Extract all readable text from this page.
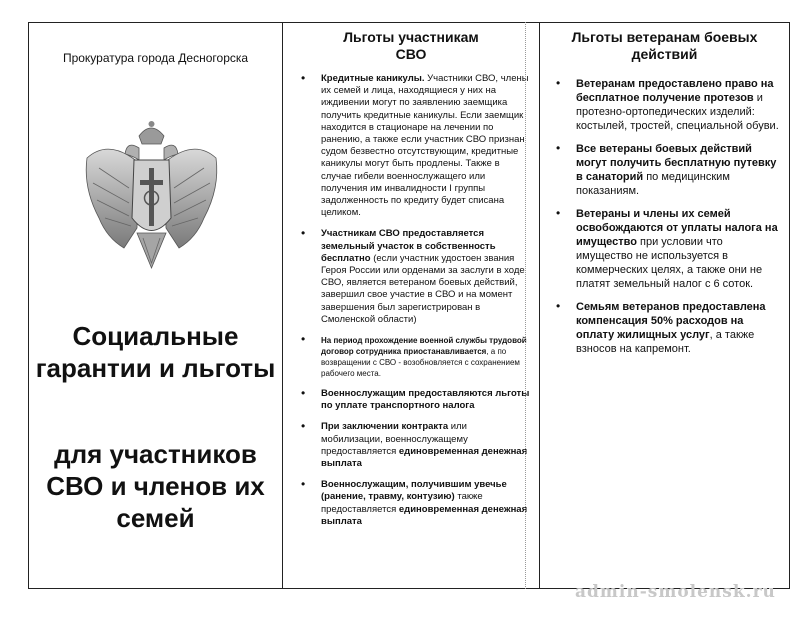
Прокуратура города Десногорска
Социальные гарантии и льготы
для участников СВО и членов их семей
Льготы участникам СВО
• Кредитные каникулы. Участники СВО, члены их семей и лица, находящиеся у них на иждивении могут по заявлению заемщика получить кредитные каникулы. Если заемщик находится в стационаре на лечении по ранению, а также если участник СВО признан судом безвестно отсутствующим, кредитные каникулы могут быть продлены. Также в случае гибели военнослужащего или получения им инвалидности I группы задолженность по кредиту будет списана целиком.
• Участникам СВО предоставляется земельный участок в собственность бесплатно (если участник удостоен звания Героя России или орденами за заслуги в ходе СВО, является ветераном боевых действий, завершил свое участие в СВО и на момент завершения был зарегистрирован в Смоленской области)
• На период прохождение военной службы трудовой договор сотрудника приостанавливается, а по возвращении с СВО - возобновляется с сохранением рабочего места.
• Военнослужащим предоставляются льготы по уплате транспортного налога
• При заключении контракта или мобилизации, военнослужащему предоставляется единовременная денежная выплата
• Военнослужащим, получившим увечье (ранение, травму, контузию) также предоставляется единовременная денежная выплата
Льготы ветеранам боевых действий
• Ветеранам предоставлено право на бесплатное получение протезов и протезно-ортопедических изделий: костылей, тростей, специальной обуви.
• Все ветераны боевых действий могут получить бесплатную путевку в санаторий по медицинским показаниям.
• Ветераны и члены их семей освобождаются от уплаты налога на имущество при условии что имущество не используется в коммерческих целях, а также они не платят земельный налог с 6 соток.
• Семьям ветеранов предоставлена компенсация 50% расходов на оплату жилищных услуг, а также взносов на капремонт.
admin-smolensk.ru
